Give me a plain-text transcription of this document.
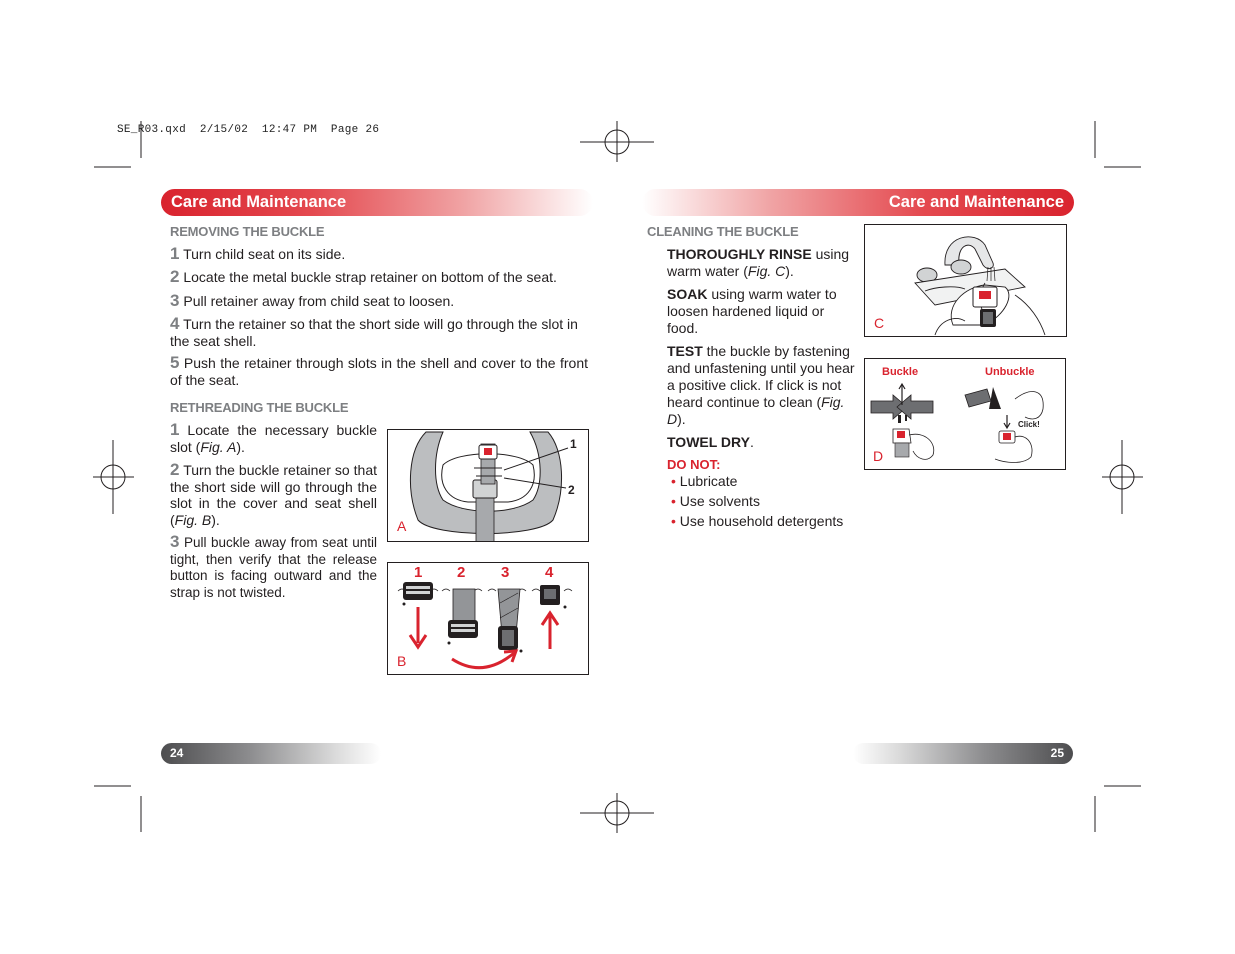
SE_R03.qxd  2/15/02  12:47 PM  Page 26
Care and Maintenance	Care and Maintenance
REMOVING THE BUCKLE
1 Turn child seat on its side.
2 Locate the metal buckle strap retainer on bottom of the seat.
3 Pull retainer away from child seat to loosen.
4 Turn the retainer so that the short side will go through the slot in the seat shell.
5 Push the retainer through slots in the shell and cover to the front of the seat.
RETHREADING THE BUCKLE
1 Locate the necessary buckle slot (Fig. A).
2 Turn the buckle retainer so that the short side will go through the slot in the cover and seat shell (Fig. B).
3 Pull buckle away from seat until tight, then verify that the release button is facing outward and the strap is not twisted.
1
2
A
1 2 3 4
B
24
CLEANING THE BUCKLE
THOROUGHLY RINSE using warm water (Fig. C).
SOAK using warm water to loosen hardened liquid or food.
TEST the buckle by fastening and unfastening until you hear a positive click. If click is not heard continue to clean (Fig. D).
TOWEL DRY.
DO NOT:
• Lubricate
• Use solvents
• Use household detergents
C
Buckle	Unbuckle
Click!
D
25
